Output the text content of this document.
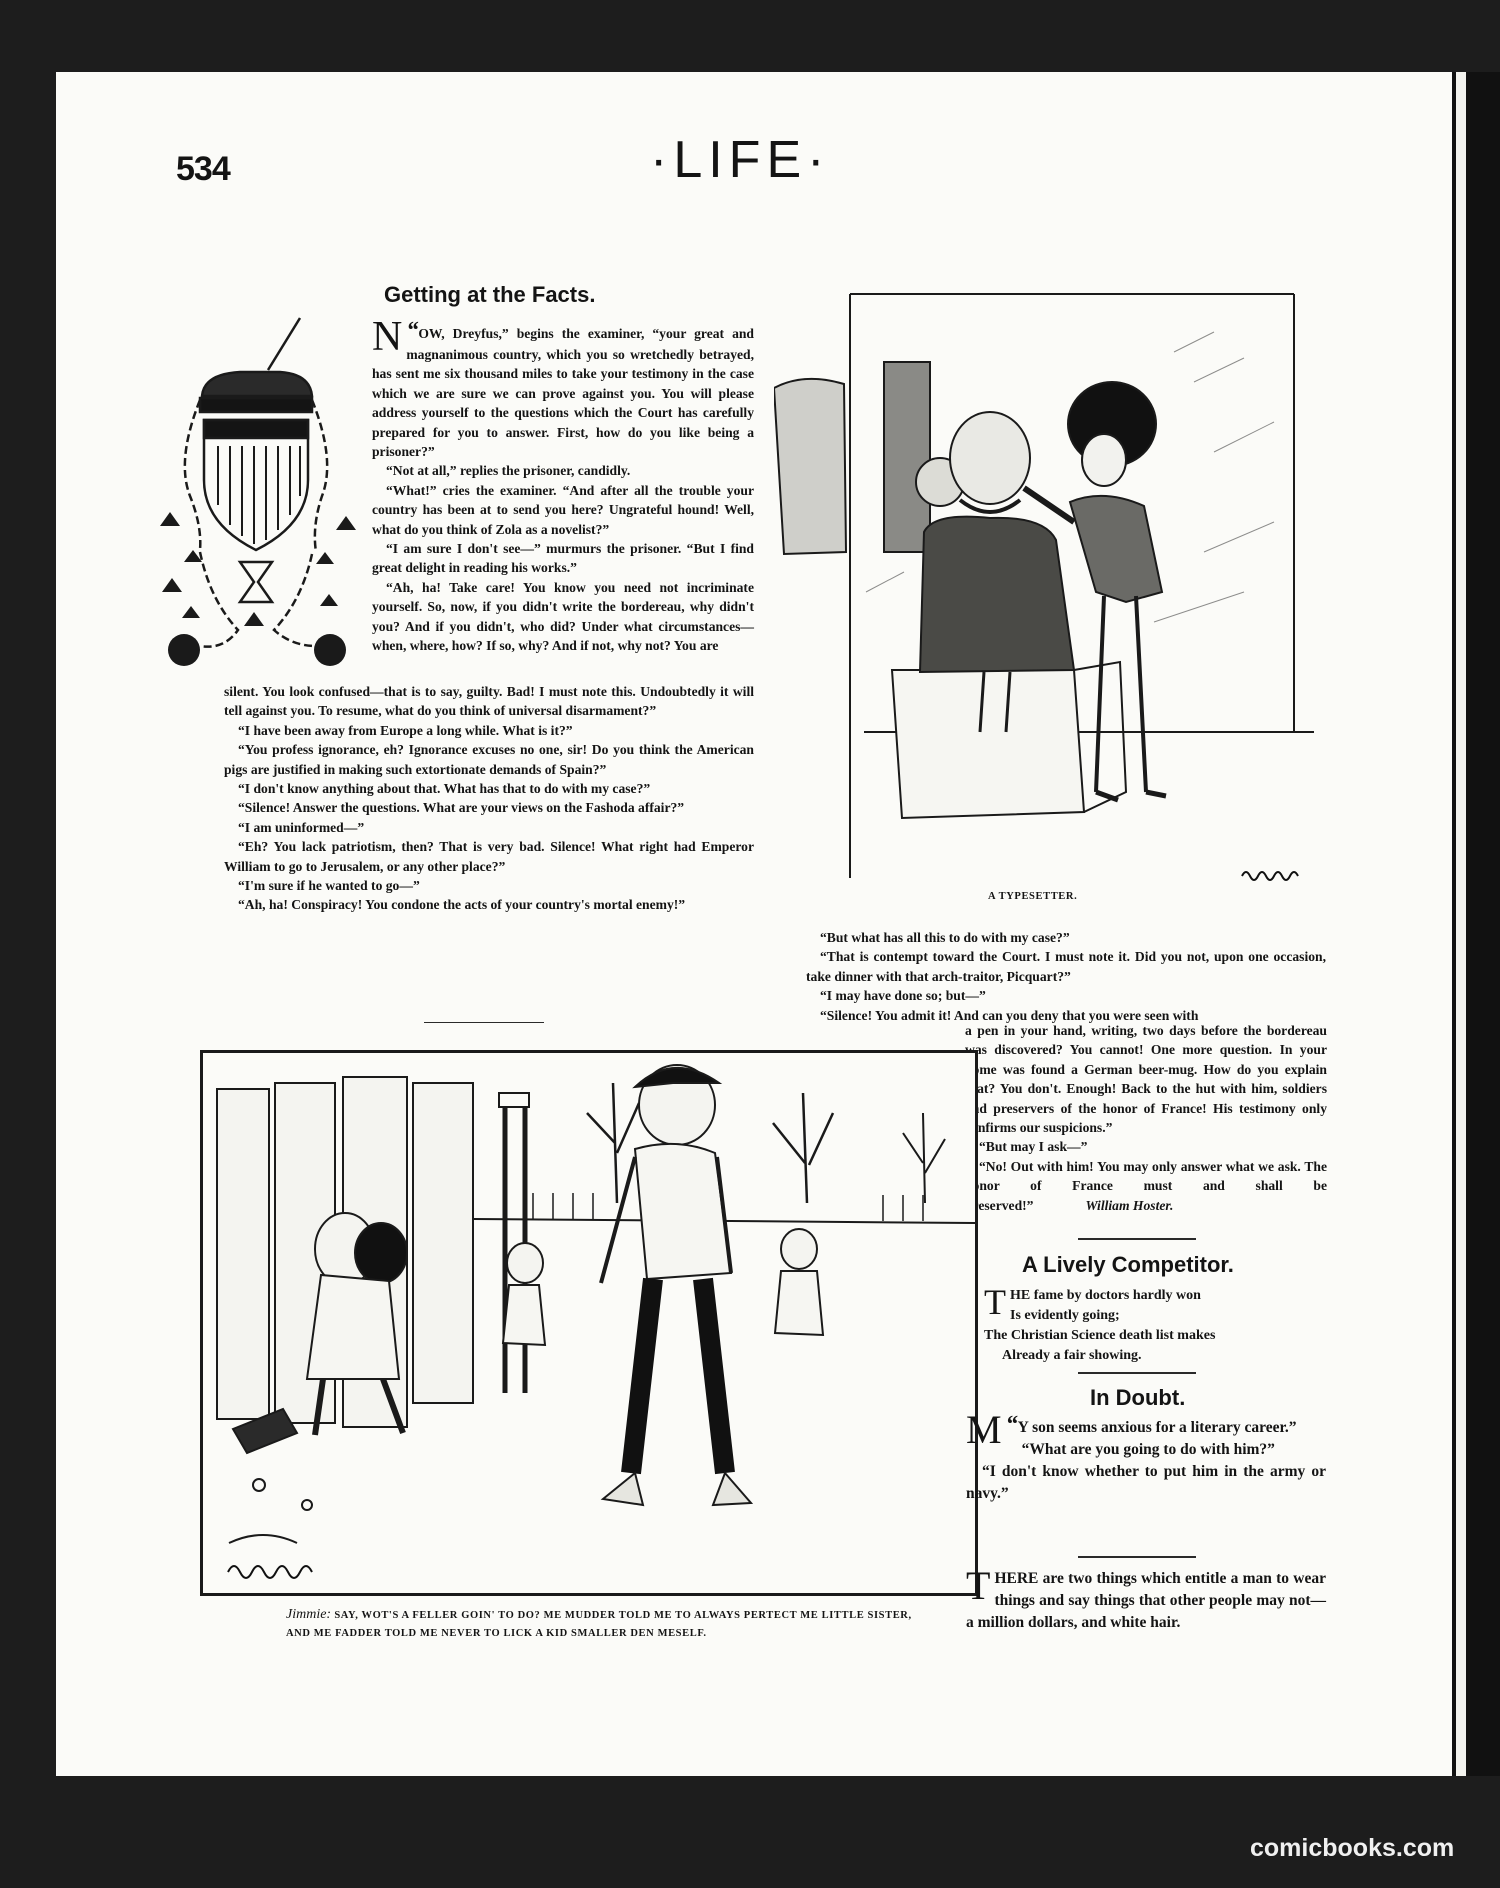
534	·LIFE·
A TYPESETTER.
Getting at the Facts.

“
N OW, Dreyfus,” begins the examiner, “your great and magnanimous country, which you so wretchedly betrayed, has sent me six thousand miles to take your testimony in the case which we are sure we can prove against you. You will please address yourself to the questions which the Court has carefully prepared for you to answer. First, how do you like being a prisoner?”

“Not at all,” replies the prisoner, candidly.

“What!” cries the examiner. “And after all the trouble your country has been at to send you here? Ungrateful hound! Well, what do you think of Zola as a novelist?”

“I am sure I don't see—” murmurs the prisoner. “But I find great delight in reading his works.”

“Ah, ha! Take care! You know you need not incriminate yourself. So, now, if you didn't write the bordereau, why didn't you? And if you didn't, who did? Under what circumstances—when, where, how? If so, why? And if not, why not? You are

silent. You look confused—that is to say, guilty. Bad! I must note this. Undoubtedly it will tell against you. To resume, what do you think of universal disarmament?”

“I have been away from Europe a long while. What is it?”

“You profess ignorance, eh? Ignorance excuses no one, sir! Do you think the American pigs are justified in making such extortionate demands of Spain?”

“I don't know anything about that. What has that to do with my case?”

“Silence! Answer the questions. What are your views on the Fashoda affair?”

“I am uninformed—”

“Eh? You lack patriotism, then? That is very bad. Silence! What right had Emperor William to go to Jerusalem, or any other place?”

“I'm sure if he wanted to go—”

“Ah, ha! Conspiracy! You condone the acts of your country's mortal enemy!”

“But what has all this to do with my case?”

“That is contempt toward the Court. I must note it. Did you not, upon one occasion, take dinner with that arch-traitor, Picquart?”

“I may have done so; but—”

“Silence! You admit it! And can you deny that you were seen with

a pen in your hand, writing, two days before the bordereau was discovered? You cannot! One more question. In your home was found a German beer-mug. How do you explain that? You don't. Enough! Back to the hut with him, soldiers and preservers of the honor of France! His testimony only confirms our suspicions.”

“But may I ask—”

“No! Out with him! You may only answer what we ask. The honor of France must and shall be preserved!”	William Hoster.

Jimmie: SAY, WOT'S A FELLER GOIN' TO DO? ME MUDDER TOLD ME TO ALWAYS PERTECT ME LITTLE SISTER, AND ME FADDER TOLD ME NEVER TO LICK A KID SMALLER DEN MESELF.
A Lively Competitor.

THE fame by doctors hardly won

Is evidently going;

The Christian Science death list makes

Already a fair showing.

In Doubt.

“
M Y son seems anxious for a literary career.”

“What are you going to do with him?”

“I don't know whether to put him in the army or navy.”

THERE are two things which entitle a man to wear things and say things that other people may not—a million dollars, and white hair.

comicbooks.com
